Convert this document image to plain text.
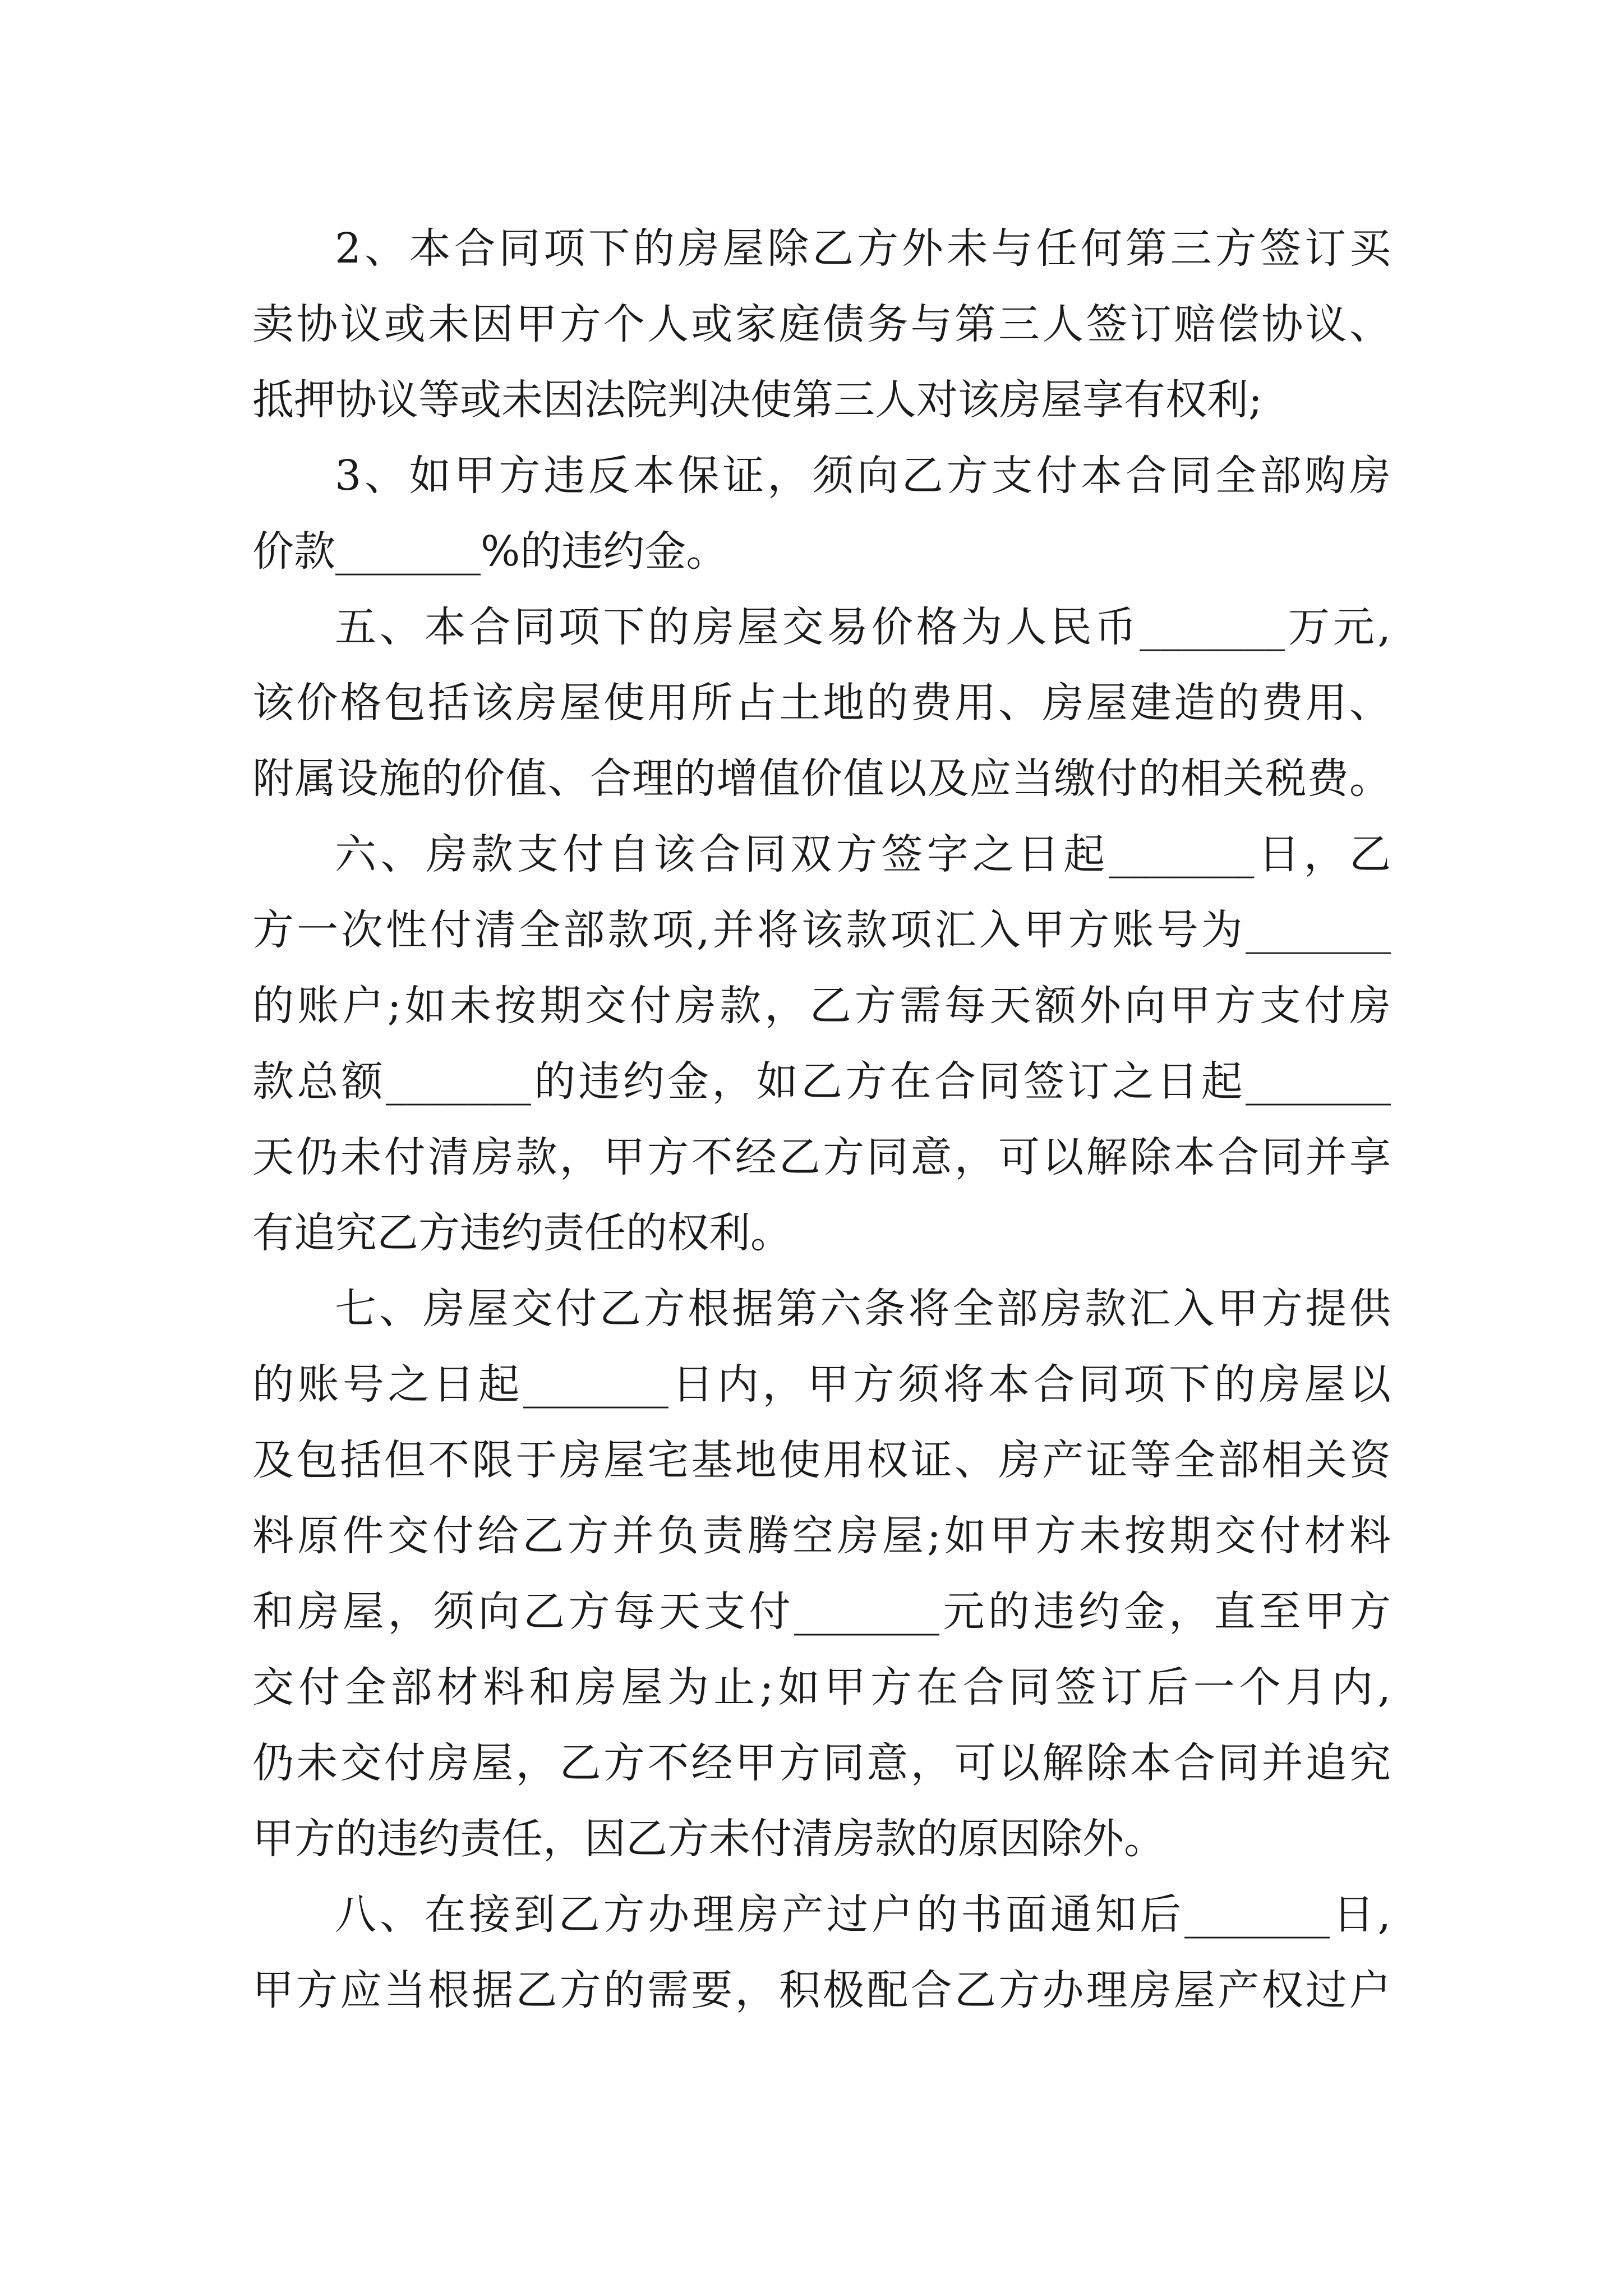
2、本合同项下的房屋除乙方外未与任何第三方签订买
卖协议或未因甲方个人或家庭债务与第三人签订赔偿协议、
抵押协议等或未因法院判决使第三人对该房屋享有权利;
3、如甲方违反本保证，须向乙方支付本合同全部购房
价款_______%的违约金。
五、本合同项下的房屋交易价格为人民币_______万元,
该价格包括该房屋使用所占土地的费用、房屋建造的费用、
附属设施的价值、合理的增值价值以及应当缴付的相关税费。
六、房款支付自该合同双方签字之日起_______日，乙
方一次性付清全部款项,并将该款项汇入甲方账号为_______
的账户;如未按期交付房款，乙方需每天额外向甲方支付房
款总额_______的违约金，如乙方在合同签订之日起_______
天仍未付清房款，甲方不经乙方同意，可以解除本合同并享
有追究乙方违约责任的权利。
七、房屋交付乙方根据第六条将全部房款汇入甲方提供
的账号之日起_______日内，甲方须将本合同项下的房屋以
及包括但不限于房屋宅基地使用权证、房产证等全部相关资
料原件交付给乙方并负责腾空房屋;如甲方未按期交付材料
和房屋，须向乙方每天支付_______元的违约金，直至甲方
交付全部材料和房屋为止;如甲方在合同签订后一个月内,
仍未交付房屋，乙方不经甲方同意，可以解除本合同并追究
甲方的违约责任，因乙方未付清房款的原因除外。
八、在接到乙方办理房产过户的书面通知后_______日,
甲方应当根据乙方的需要，积极配合乙方办理房屋产权过户
